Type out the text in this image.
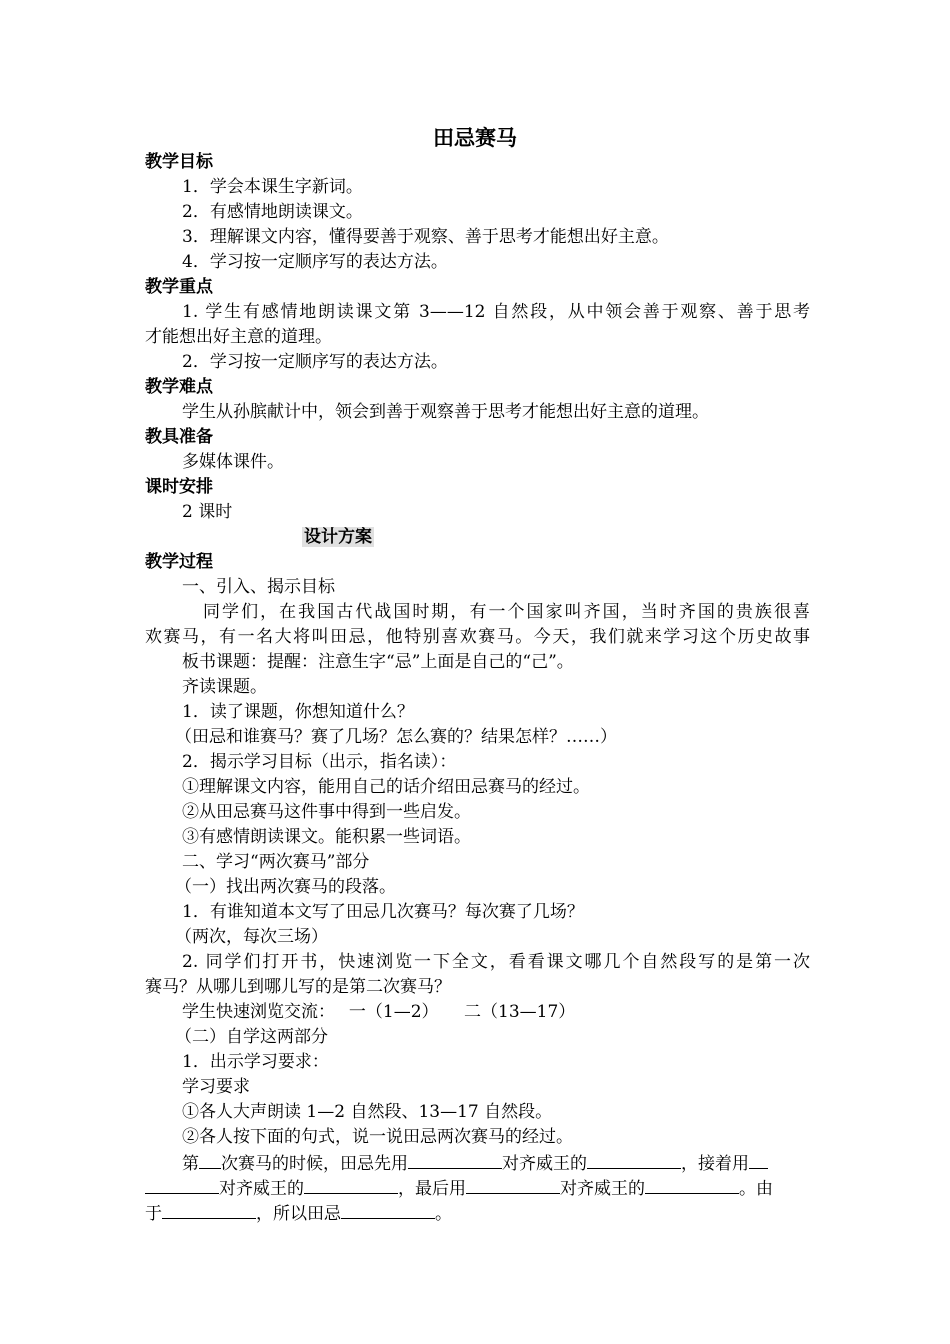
田忌赛马
教学目标
1．学会本课生字新词。
2．有感情地朗读课文。
3．理解课文内容，懂得要善于观察、善于思考才能想出好主意。
4．学习按一定顺序写的表达方法。
教学重点
1. 学生有感情地朗读课文第 3——12 自然段，从中领会善于观察、善于思考
才能想出好主意的道理。
2．学习按一定顺序写的表达方法。
教学难点
学生从孙膑献计中，领会到善于观察善于思考才能想出好主意的道理。
教具准备
多媒体课件。
课时安排
2 课时
设计方案
教学过程
一、引入、揭示目标
同学们，在我国古代战国时期，有一个国家叫齐国，当时齐国的贵族很喜
欢赛马，有一名大将叫田忌，他特别喜欢赛马。今天，我们就来学习这个历史故事
板书课题：提醒：注意生字“忌”上面是自己的“己”。
齐读课题。
1．读了课题，你想知道什么？
（田忌和谁赛马？赛了几场？怎么赛的？结果怎样？……）
2．揭示学习目标（出示，指名读）：
①理解课文内容，能用自己的话介绍田忌赛马的经过。
②从田忌赛马这件事中得到一些启发。
③有感情朗读课文。能积累一些词语。
二、学习“两次赛马”部分
（一）找出两次赛马的段落。
1．有谁知道本文写了田忌几次赛马？每次赛了几场？
（两次，每次三场）
2. 同学们打开书，快速浏览一下全文，看看课文哪几个自然段写的是第一次
赛马？从哪儿到哪儿写的是第二次赛马？
学生快速浏览交流：　 一（1—2）　　二（13—17）
（二）自学这两部分
1．出示学习要求：
学习要求
①各人大声朗读 1—2 自然段、13—17 自然段。
②各人按下面的句式，说一说田忌两次赛马的经过。
第 次赛马的时候，田忌先用	对齐威王的	，接着用
对齐威王的	，最后用	对齐威王的	。由
于	，所以田忌	。
